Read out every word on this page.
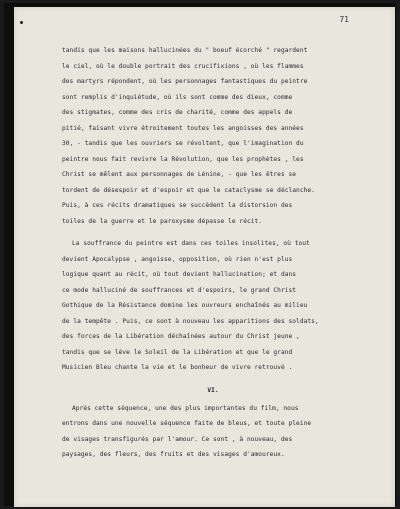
71
tandis que les maisons hallucinées du " boeuf écorché " regardent
le ciel, où le double portrait des crucifixions , où les flammes
des martyrs répondent, où les personnages fantastiques du peintre
sont remplis d'inquiétude, où ils sont comme des dieux, comme
des stigmates, comme des cris de charité, comme des appels de
pitié, faisant vivre étroitement toutes les angoisses des années
30, - tandis que les ouvriers se révoltent, que l'imagination du
peintre nous fait revivre la Révolution, que les prophètes , les
Christ se mêlent aux personnages de Lénine, - que les êtres se
tordent de désespoir et d'espoir et que le cataclysme se déclanche.
Puis, à ces récits dramatiques se succèdent la distorsion des
toiles de la guerre et le paroxysme dépasse le récit.
La souffrance du peintre est dans ces toiles insolites, où tout
devient Apocalypse , angoisse, opposition, où rien n'est plus
logique quant au récit, où tout devient hallucination; et dans
ce mode halluciné de souffrances et d'espoirs, le grand Christ
Gothique de la Résistance domine les ouvreurs enchaînés au milieu
de la tempête . Puis, ce sont à nouveau les apparitions des soldats,
des forces de la Libération déchaînées autour du Christ jeune ,
tandis que se lève le Soleil de la Libération et que le grand
Musicien Bleu chante la vie et le bonheur de vivre retrouvé .
VI.
Après cette séquence, une des plus importantes du film, nous
entrons dans une nouvelle séquence faite de bleus, et toute pleine
de visages transfigurés par l'amour. Ce sont , à nouveau, des
paysages, des fleurs, des fruits et des visages d'amoureux.
